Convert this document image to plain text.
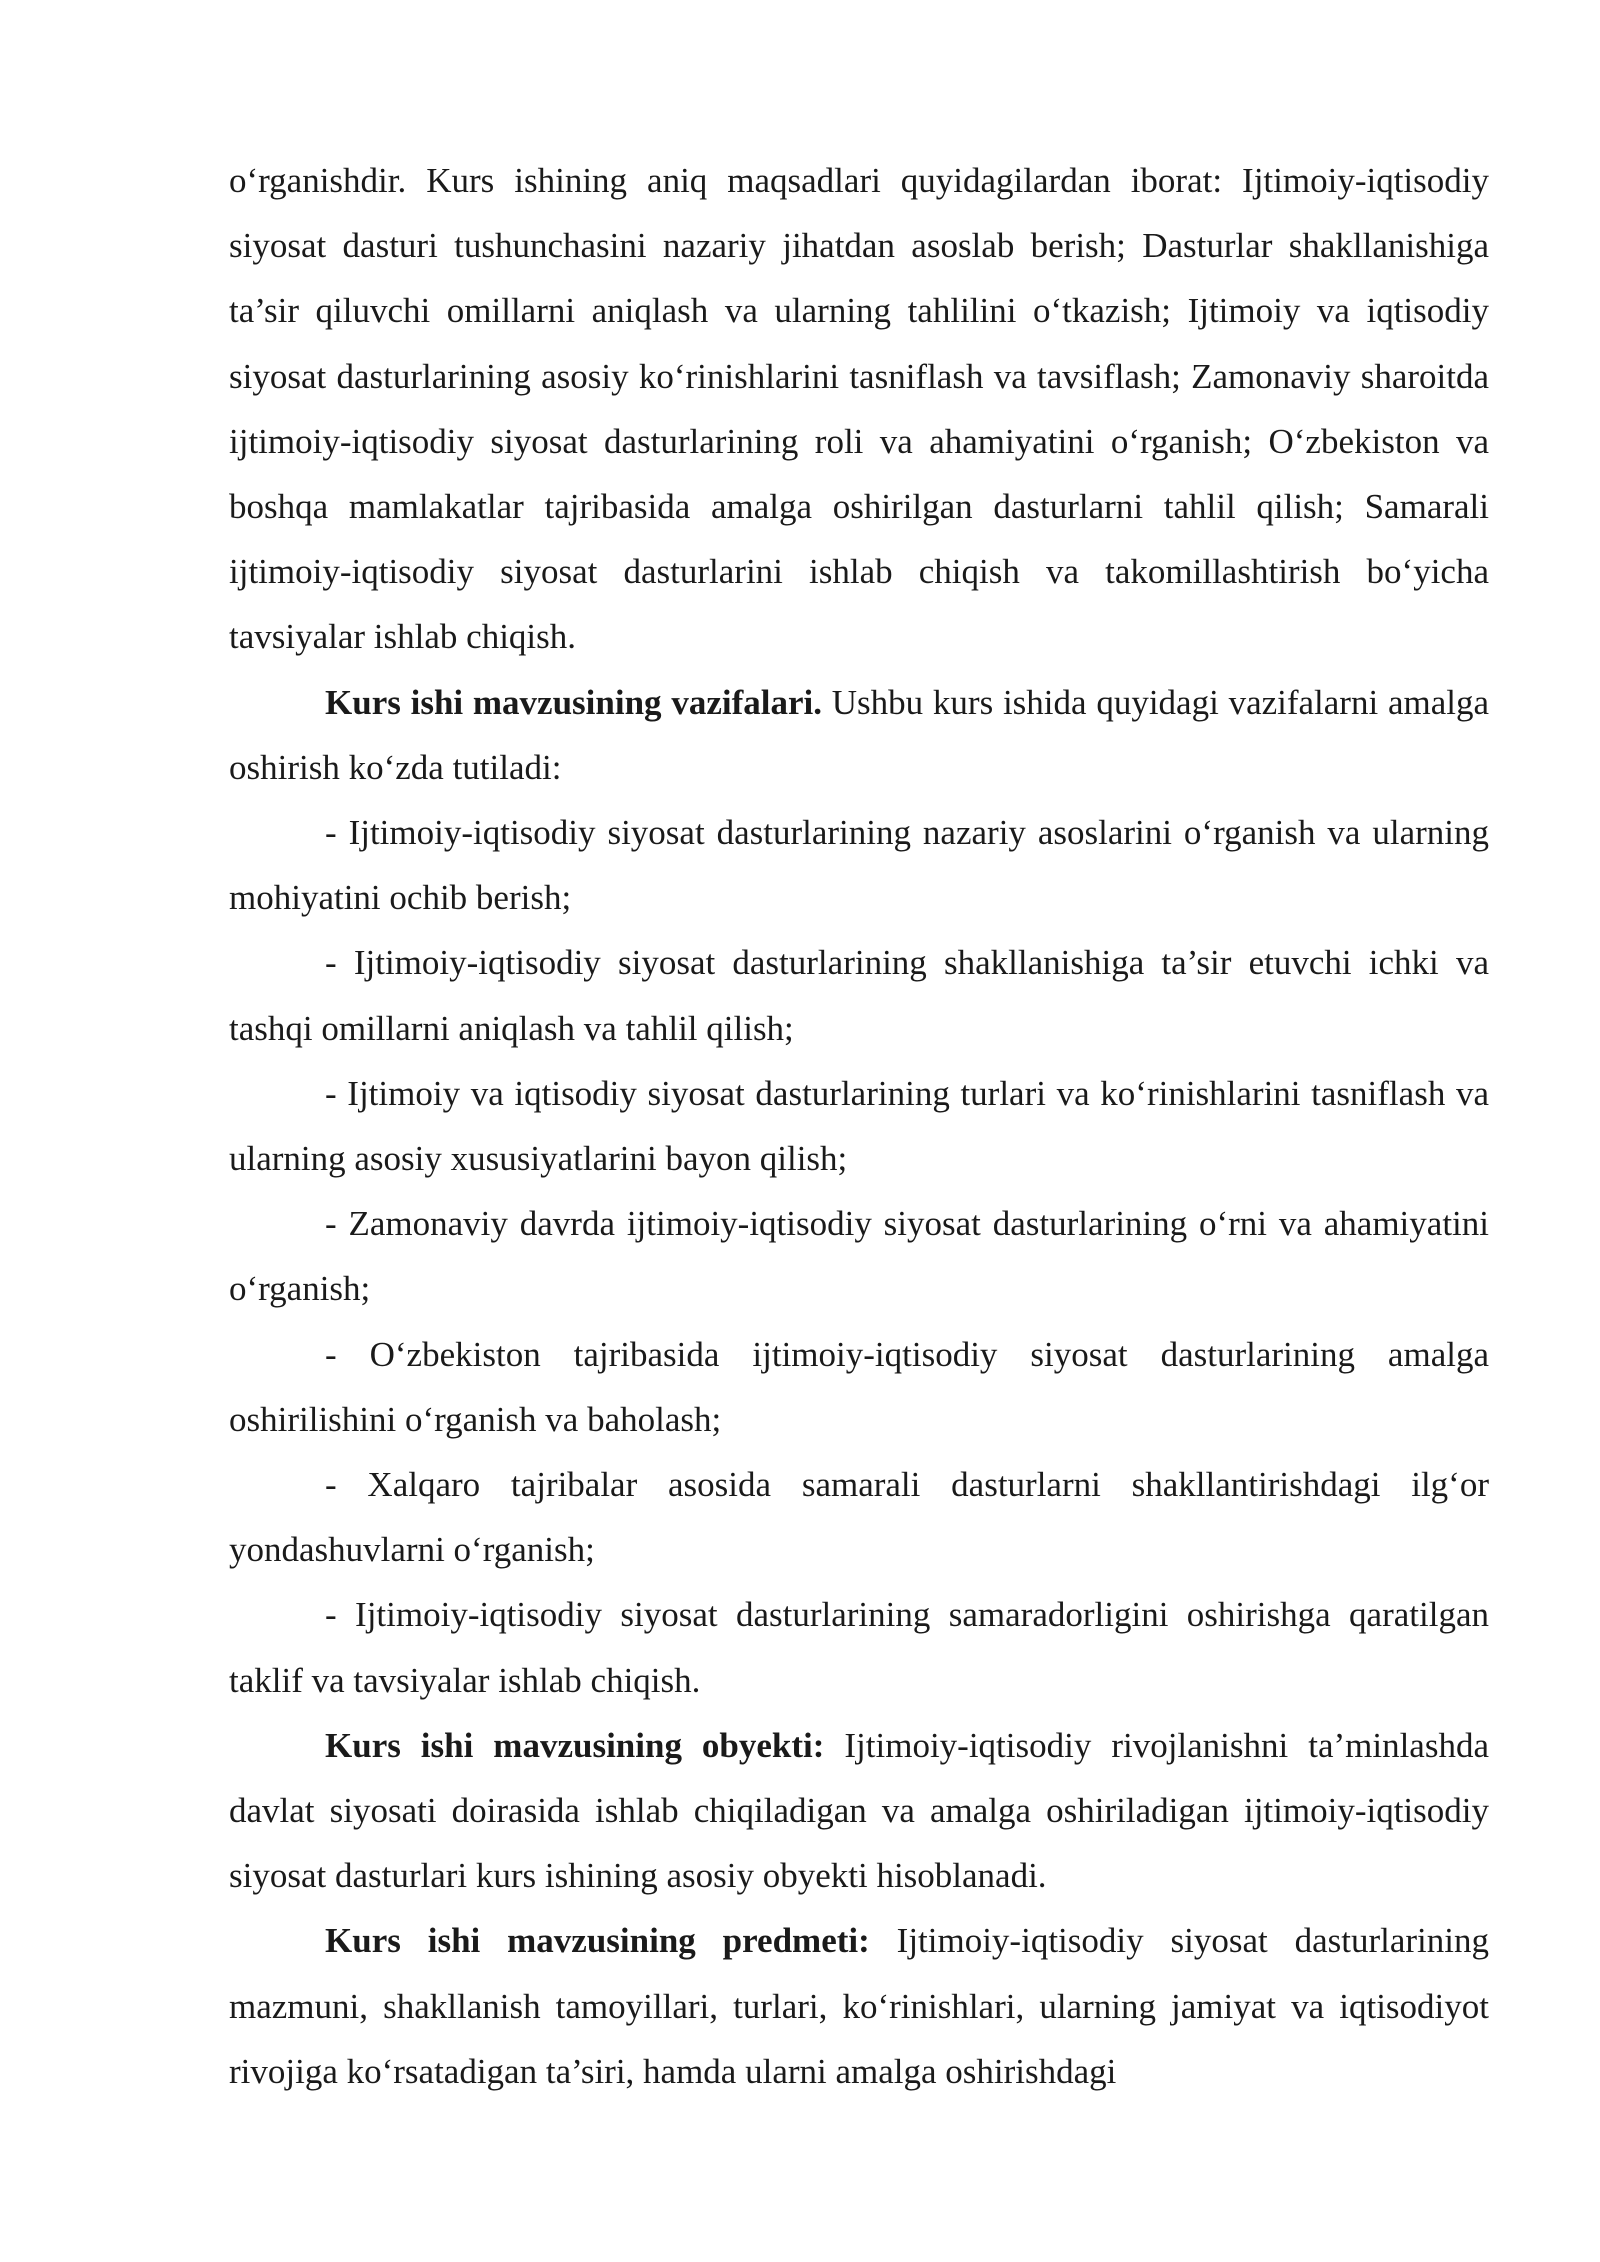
oʻrganishdir. Kurs ishining aniq maqsadlari quyidagilardan iborat: Ijtimoiy-iqtisodiy siyosat dasturi tushunchasini nazariy jihatdan asoslab berish; Dasturlar shakllanishiga ta’sir qiluvchi omillarni aniqlash va ularning tahlilini oʻtkazish; Ijtimoiy va iqtisodiy siyosat dasturlarining asosiy koʻrinishlarini tasniflash va tavsiflash; Zamonaviy sharoitda ijtimoiy-iqtisodiy siyosat dasturlarining roli va ahamiyatini oʻrganish; Oʻzbekiston va boshqa mamlakatlar tajribasida amalga oshirilgan dasturlarni tahlil qilish; Samarali ijtimoiy-iqtisodiy siyosat dasturlarini ishlab chiqish va takomillashtirish boʻyicha tavsiyalar ishlab chiqish.

Kurs ishi mavzusining vazifalari. Ushbu kurs ishida quyidagi vazifalarni amalga oshirish koʻzda tutiladi:

- Ijtimoiy-iqtisodiy siyosat dasturlarining nazariy asoslarini oʻrganish va ularning mohiyatini ochib berish;

- Ijtimoiy-iqtisodiy siyosat dasturlarining shakllanishiga ta’sir etuvchi ichki va tashqi omillarni aniqlash va tahlil qilish;

- Ijtimoiy va iqtisodiy siyosat dasturlarining turlari va koʻrinishlarini tasniflash va ularning asosiy xususiyatlarini bayon qilish;

- Zamonaviy davrda ijtimoiy-iqtisodiy siyosat dasturlarining oʻrni va ahamiyatini oʻrganish;

- Oʻzbekiston tajribasida ijtimoiy-iqtisodiy siyosat dasturlarining amalga oshirilishini oʻrganish va baholash;

- Xalqaro tajribalar asosida samarali dasturlarni shakllantirishdagi ilgʻor yondashuvlarni oʻrganish;

- Ijtimoiy-iqtisodiy siyosat dasturlarining samaradorligini oshirishga qaratilgan taklif va tavsiyalar ishlab chiqish.

Kurs ishi mavzusining obyekti: Ijtimoiy-iqtisodiy rivojlanishni ta’minlashda davlat siyosati doirasida ishlab chiqiladigan va amalga oshiriladigan ijtimoiy-iqtisodiy siyosat dasturlari kurs ishining asosiy obyekti hisoblanadi.

Kurs ishi mavzusining predmeti: Ijtimoiy-iqtisodiy siyosat dasturlarining mazmuni, shakllanish tamoyillari, turlari, koʻrinishlari, ularning jamiyat va iqtisodiyot rivojiga koʻrsatadigan ta’siri, hamda ularni amalga oshirishdagi
